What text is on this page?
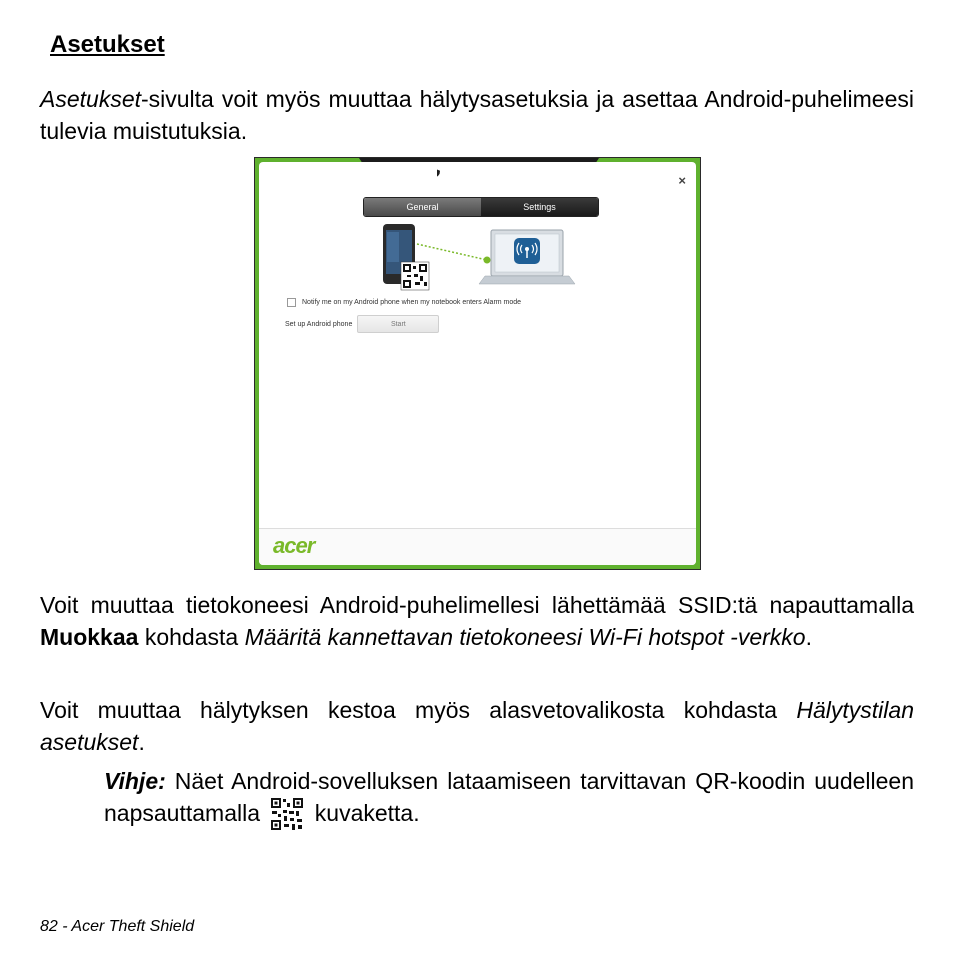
Asetukset

Asetukset-sivulta voit myös muuttaa hälytysasetuksia ja asettaa Android-puhelimeesi tulevia muistutuksia.

Acer Theft Shield	×
General	Settings
Notify me on my Android phone when my notebook enters Alarm mode
Set up Android phone	Start
acer

Voit muuttaa tietokoneesi Android-puhelimellesi lähettämää SSID:tä napauttamalla Muokkaa kohdasta Määritä kannettavan tietokoneesi Wi-Fi hotspot -verkko.

Voit muuttaa hälytyksen kestoa myös alasvetovalikosta kohdasta Hälytystilan asetukset.

Vihje: Näet Android-sovelluksen lataamiseen tarvittavan QR-koodin uudelleen napsauttamalla  kuvaketta.

82 - Acer Theft Shield
